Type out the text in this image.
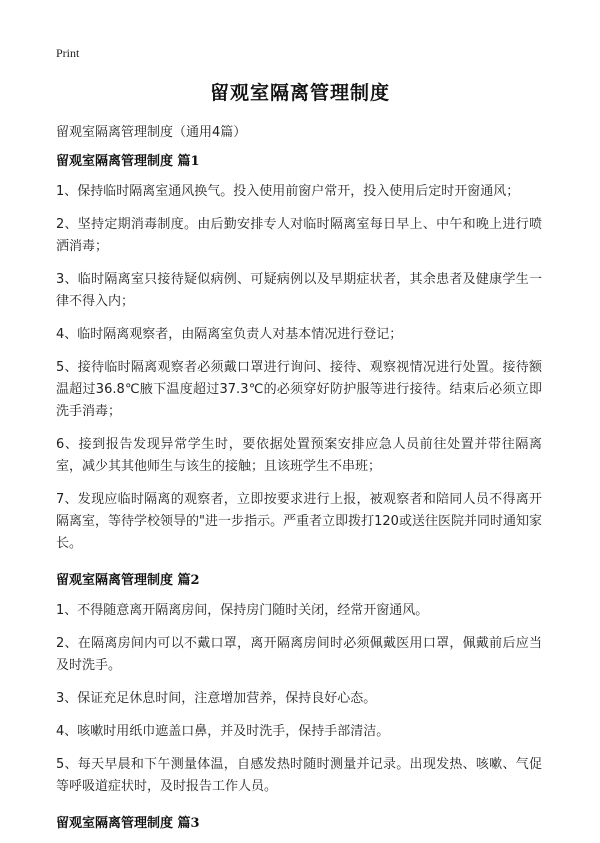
Print
留观室隔离管理制度
留观室隔离管理制度（通用4篇）
留观室隔离管理制度 篇1

1、保持临时隔离室通风换气。投入使用前窗户常开，投入使用后定时开窗通风；

2、坚持定期消毒制度。由后勤安排专人对临时隔离室每日早上、中午和晚上进行喷洒消毒；

3、临时隔离室只接待疑似病例、可疑病例以及早期症状者，其余患者及健康学生一律不得入内；

4、临时隔离观察者，由隔离室负责人对基本情况进行登记；

5、接待临时隔离观察者必须戴口罩进行询问、接待、观察视情况进行处置。接待额温超过36.8℃腋下温度超过37.3℃的必须穿好防护服等进行接待。结束后必须立即洗手消毒；

6、接到报告发现异常学生时，要依据处置预案安排应急人员前往处置并带往隔离室，减少其其他师生与该生的接触；且该班学生不串班；

7、发现应临时隔离的观察者，立即按要求进行上报，被观察者和陪同人员不得离开隔离室，等待学校领导的"进一步指示。严重者立即拨打120或送往医院并同时通知家长。

留观室隔离管理制度 篇2

1、不得随意离开隔离房间，保持房门随时关闭，经常开窗通风。

2、在隔离房间内可以不戴口罩，离开隔离房间时必须佩戴医用口罩，佩戴前后应当及时洗手。

3、保证充足休息时间，注意增加营养，保持良好心态。

4、咳嗽时用纸巾遮盖口鼻，并及时洗手，保持手部清洁。

5、每天早晨和下午测量体温，自感发热时随时测量并记录。出现发热、咳嗽、气促等呼吸道症状时，及时报告工作人员。

留观室隔离管理制度 篇3
